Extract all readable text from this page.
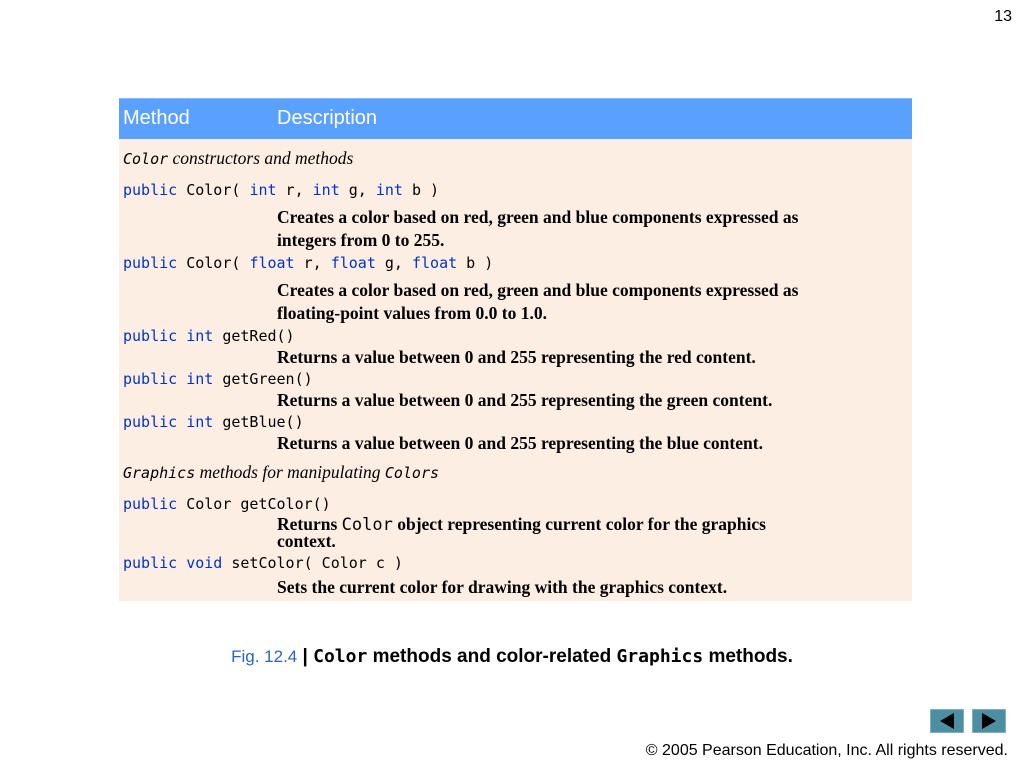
13
Method	Description
Color constructors and methods
public Color( int r, int g, int b )
Creates a color based on red, green and blue components expressed as
integers from 0 to 255.
public Color( float r, float g, float b )
Creates a color based on red, green and blue components expressed as
floating-point values from 0.0 to 1.0.
public int getRed()
Returns a value between 0 and 255 representing the red content.
public int getGreen()
Returns a value between 0 and 255 representing the green content.
public int getBlue()
Returns a value between 0 and 255 representing the blue content.
Graphics methods for manipulating Colors
public Color getColor()
Returns Color object representing current color for the graphics
context.
public void setColor( Color c )
Sets the current color for drawing with the graphics context.
Fig. 12.4 | Color methods and color-related Graphics methods.
© 2005 Pearson Education, Inc. All rights reserved.
